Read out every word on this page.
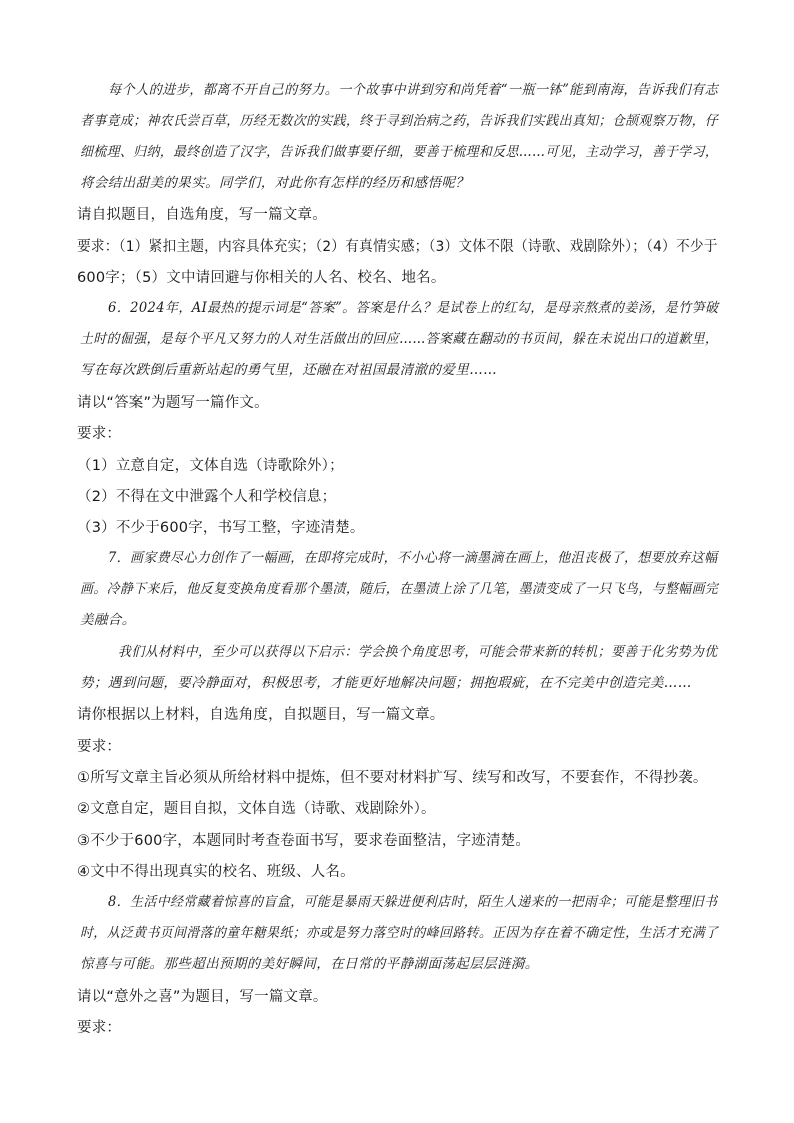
每个人的进步，都离不开自己的努力。一个故事中讲到穷和尚凭着“一瓶一钵”能到南海，告诉我们有志
者事竟成；神农氏尝百草，历经无数次的实践，终于寻到治病之药，告诉我们实践出真知；仓颉观察万物，仔
细梳理、归纳，最终创造了汉字，告诉我们做事要仔细，要善于梳理和反思……可见，主动学习，善于学习，
将会结出甜美的果实。同学们，对此你有怎样的经历和感悟呢？
请自拟题目，自选角度，写一篇文章。
要求：（1）紧扣主题，内容具体充实；（2）有真情实感；（3）文体不限（诗歌、戏剧除外）；（4）不少于
600字；（5）文中请回避与你相关的人名、校名、地名。
6．2024年，AI最热的提示词是“答案”。答案是什么？是试卷上的红勾，是母亲熬煮的姜汤，是竹笋破
土时的倔强，是每个平凡又努力的人对生活做出的回应……答案藏在翻动的书页间，躲在未说出口的道歉里，
写在每次跌倒后重新站起的勇气里，还融在对祖国最清澈的爱里……
请以“答案”为题写一篇作文。
要求：
（1）立意自定，文体自选（诗歌除外）；
（2）不得在文中泄露个人和学校信息；
（3）不少于600字，书写工整，字迹清楚。
7．画家费尽心力创作了一幅画，在即将完成时，不小心将一滴墨滴在画上，他沮丧极了，想要放弃这幅
画。冷静下来后，他反复变换角度看那个墨渍，随后，在墨渍上涂了几笔，墨渍变成了一只飞鸟，与整幅画完
美融合。
我们从材料中，至少可以获得以下启示：学会换个角度思考，可能会带来新的转机；要善于化劣势为优
势；遇到问题，要冷静面对，积极思考，才能更好地解决问题；拥抱瑕疵，在不完美中创造完美……
请你根据以上材料，自选角度，自拟题目，写一篇文章。
要求：
①所写文章主旨必须从所给材料中提炼，但不要对材料扩写、续写和改写，不要套作，不得抄袭。
②文意自定，题目自拟，文体自选（诗歌、戏剧除外）。
③不少于600字，本题同时考查卷面书写，要求卷面整洁，字迹清楚。
④文中不得出现真实的校名、班级、人名。
8．生活中经常藏着惊喜的盲盒，可能是暴雨天躲进便利店时，陌生人递来的一把雨伞；可能是整理旧书
时，从泛黄书页间滑落的童年糖果纸；亦或是努力落空时的峰回路转。正因为存在着不确定性，生活才充满了
惊喜与可能。那些超出预期的美好瞬间，在日常的平静湖面荡起层层涟漪。
请以“意外之喜”为题目，写一篇文章。
要求：
